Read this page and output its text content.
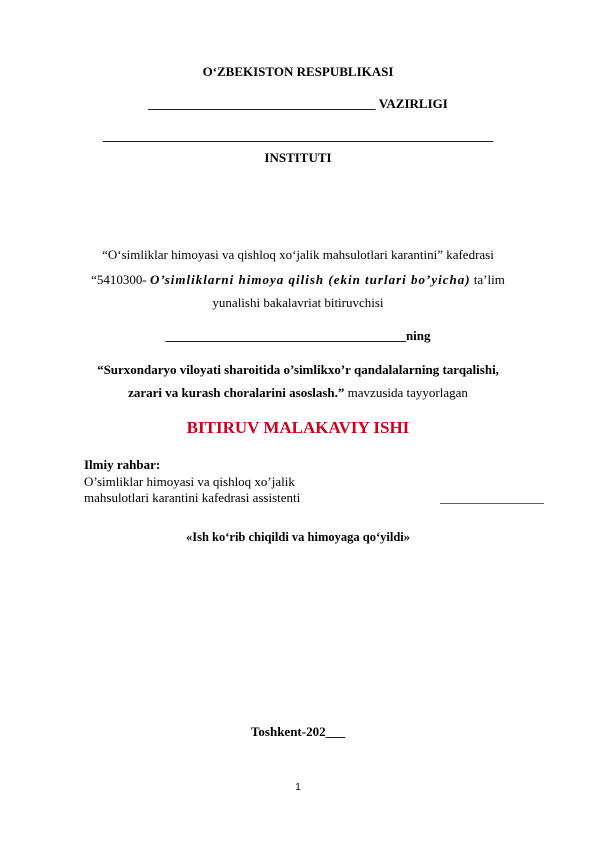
O‘ZBEKISTON RESPUBLIKASI
___________________________________ VAZIRLIGI
____________________________________________________________
INSTITUTI
“O‘simliklar himoyasi va qishloq xo‘jalik mahsulotlari karantini” kafedrasi
“5410300- O’simliklarni himoya qilish (ekin turlari bo’yicha) ta’lim
yunalishi bakalavriat bitiruvchisi
_____________________________________ning
“Surxondaryo viloyati sharoitida o’simlikxo’r qandalalarning tarqalishi,
zarari va kurash choralarini asoslash.” mavzusida tayyorlagan
BITIRUV MALAKAVIY ISHI
Ilmiy rahbar:
O’simliklar himoyasi va qishloq xo’jalik
mahsulotlari karantini kafedrasi assistenti	________________
«Ish ko‘rib chiqildi va himoyaga qo‘yildi»
Toshkent-202___
1
